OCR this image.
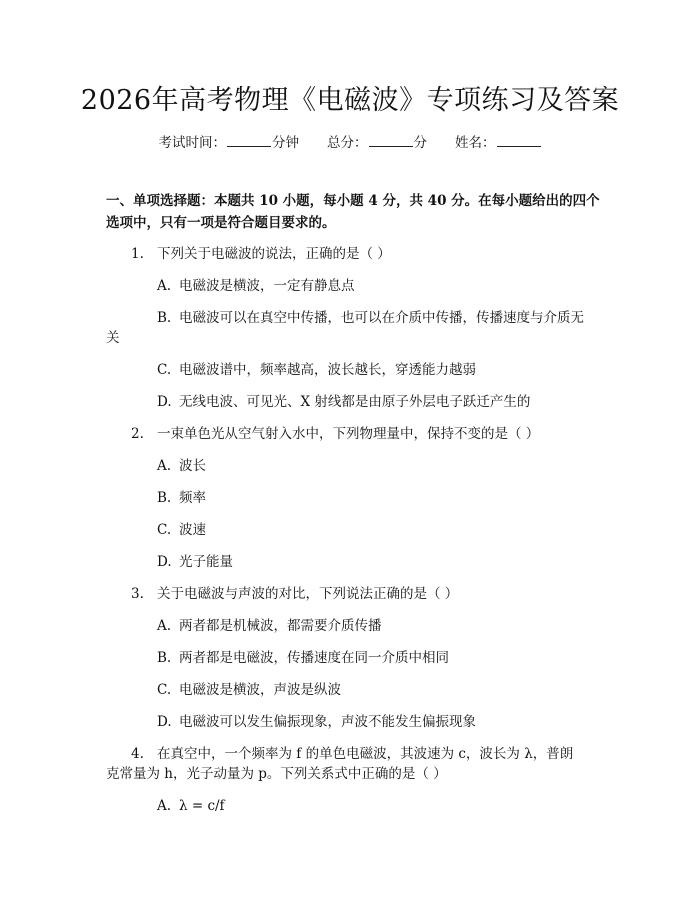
2026年高考物理《电磁波》专项练习及答案
考试时间：	分钟 总分：	分 姓名：
一、单项选择题：本题共 10 小题，每小题 4 分，共 40 分。在每小题给出的四个
选项中，只有一项是符合题目要求的。
1. 下列关于电磁波的说法，正确的是（ ）
A. 电磁波是横波，一定有静息点
B. 电磁波可以在真空中传播，也可以在介质中传播，传播速度与介质无
关
C. 电磁波谱中，频率越高，波长越长，穿透能力越弱
D. 无线电波、可见光、X 射线都是由原子外层电子跃迁产生的
2. 一束单色光从空气射入水中，下列物理量中，保持不变的是（ ）
A. 波长
B. 频率
C. 波速
D. 光子能量
3. 关于电磁波与声波的对比，下列说法正确的是（ ）
A. 两者都是机械波，都需要介质传播
B. 两者都是电磁波，传播速度在同一介质中相同
C. 电磁波是横波，声波是纵波
D. 电磁波可以发生偏振现象，声波不能发生偏振现象
4. 在真空中，一个频率为 f 的单色电磁波，其波速为 c，波长为 λ，普朗
克常量为 h，光子动量为 p。下列关系式中正确的是（ ）
A. λ = c/f
